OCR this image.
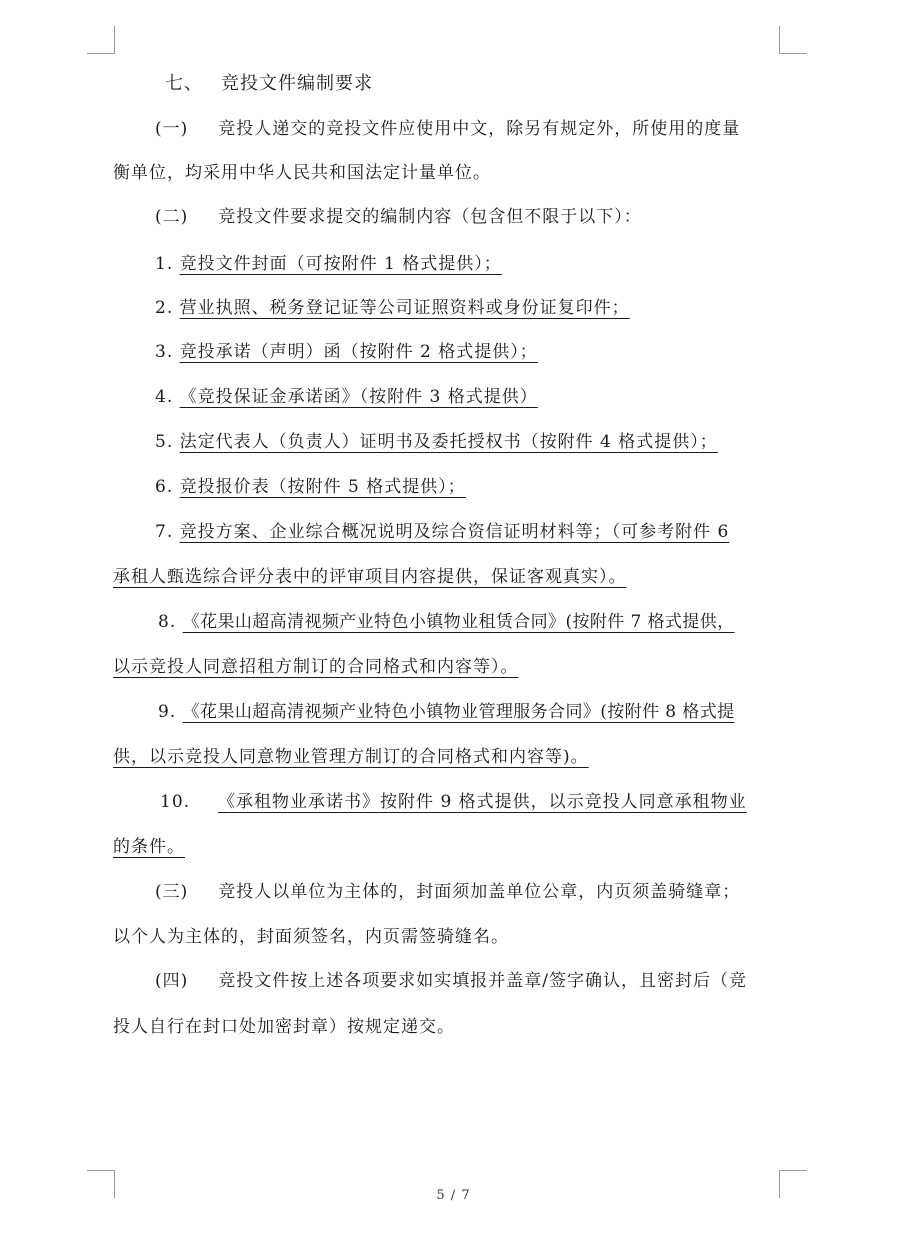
七、 竞投文件编制要求
(一) 竞投人递交的竞投文件应使用中文，除另有规定外，所使用的度量
衡单位，均采用中华人民共和国法定计量单位。
(二) 竞投文件要求提交的编制内容（包含但不限于以下）：
1. 竞投文件封面（可按附件 1 格式提供）；
2. 营业执照、税务登记证等公司证照资料或身份证复印件；
3. 竞投承诺（声明）函（按附件 2 格式提供）；
4. 《竞投保证金承诺函》（按附件 3 格式提供）
5. 法定代表人（负责人）证明书及委托授权书（按附件 4 格式提供）；
6. 竞投报价表（按附件 5 格式提供）；
7. 竞投方案、企业综合概况说明及综合资信证明材料等；（可参考附件 6
承租人甄选综合评分表中的评审项目内容提供，保证客观真实）。
8. 《花果山超高清视频产业特色小镇物业租赁合同》(按附件 7 格式提供，
以示竞投人同意招租方制订的合同格式和内容等）。
9. 《花果山超高清视频产业特色小镇物业管理服务合同》(按附件 8 格式提
供，以示竞投人同意物业管理方制订的合同格式和内容等)。
10. 《承租物业承诺书》按附件 9 格式提供，以示竞投人同意承租物业
的条件。
(三) 竞投人以单位为主体的，封面须加盖单位公章，内页须盖骑缝章；
以个人为主体的，封面须签名，内页需签骑缝名。
(四) 竞投文件按上述各项要求如实填报并盖章/签字确认，且密封后（竞
投人自行在封口处加密封章）按规定递交。
5 / 7
